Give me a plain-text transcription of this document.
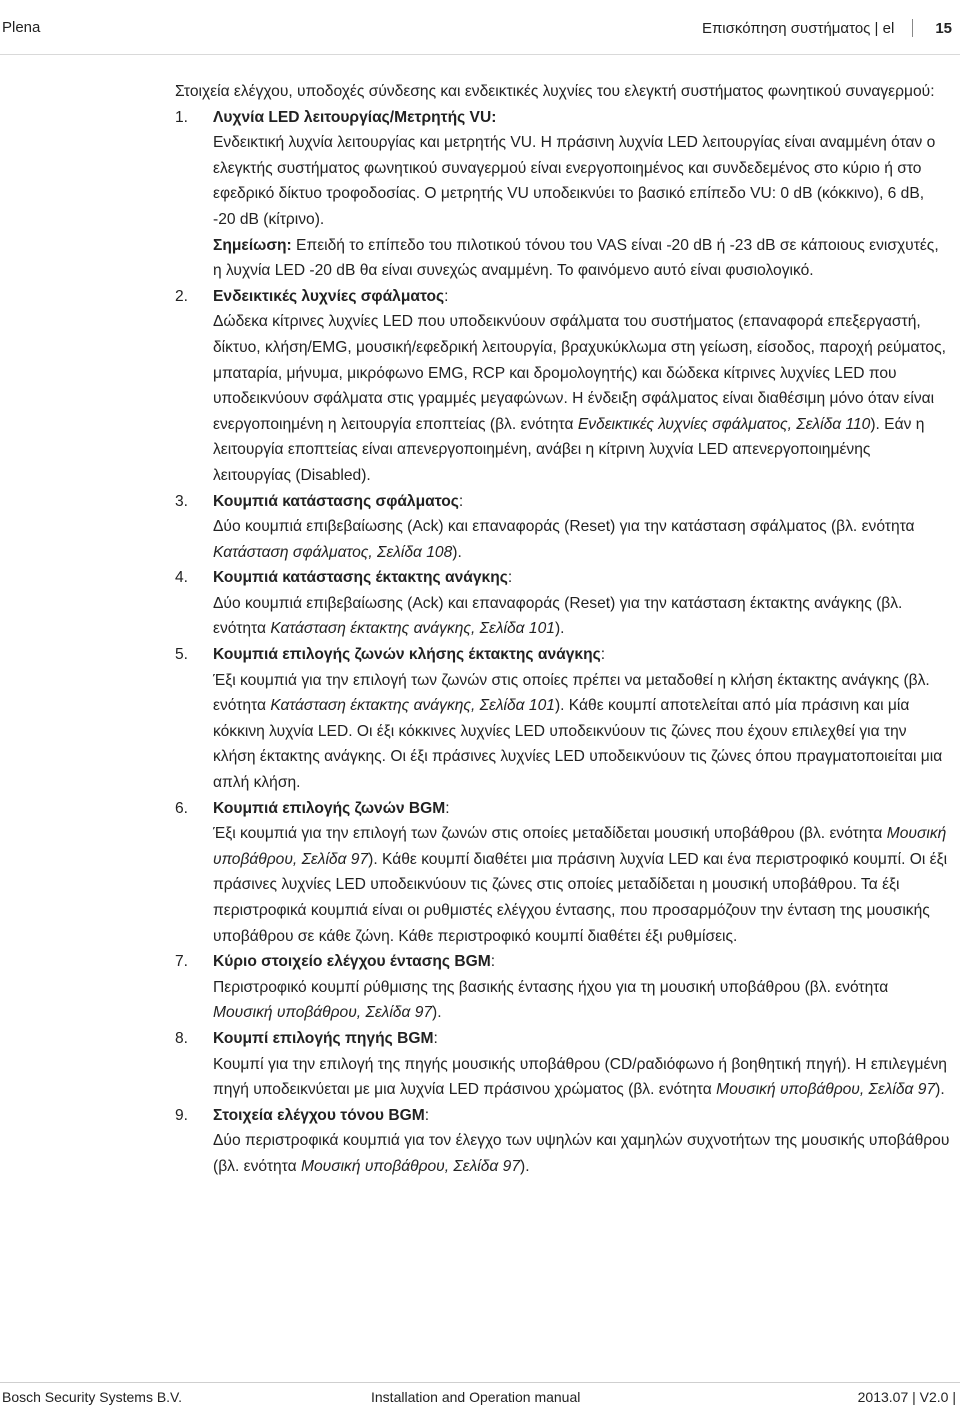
Plena	Επισκόπηση συστήματος | el	15

Στοιχεία ελέγχου, υποδοχές σύνδεσης και ενδεικτικές λυχνίες του ελεγκτή συστήματος φωνητικού συναγερμού:

1. Λυχνία LED λειτουργίας/Μετρητής VU:

Ενδεικτική λυχνία λειτουργίας και μετρητής VU. Η πράσινη λυχνία LED λειτουργίας είναι αναμμένη όταν ο ελεγκτής συστήματος φωνητικού συναγερμού είναι ενεργοποιημένος και συνδεδεμένος στο κύριο ή στο εφεδρικό δίκτυο τροφοδοσίας. Ο μετρητής VU υποδεικνύει το βασικό επίπεδο VU: 0 dB (κόκκινο), 6 dB, -20 dB (κίτρινο).

Σημείωση: Επειδή το επίπεδο του πιλοτικού τόνου του VAS είναι -20 dB ή -23 dB σε κάποιους ενισχυτές, η λυχνία LED -20 dB θα είναι συνεχώς αναμμένη. Το φαινόμενο αυτό είναι φυσιολογικό.

2. Ενδεικτικές λυχνίες σφάλματος:

Δώδεκα κίτρινες λυχνίες LED που υποδεικνύουν σφάλματα του συστήματος (επαναφορά επεξεργαστή, δίκτυο, κλήση/EMG, μουσική/εφεδρική λειτουργία, βραχυκύκλωμα στη γείωση, είσοδος, παροχή ρεύματος, μπαταρία, μήνυμα, μικρόφωνο EMG, RCP και δρομολογητής) και δώδεκα κίτρινες λυχνίες LED που υποδεικνύουν σφάλματα στις γραμμές μεγαφώνων. Η ένδειξη σφάλματος είναι διαθέσιμη μόνο όταν είναι ενεργοποιημένη η λειτουργία εποπτείας (βλ. ενότητα Ενδεικτικές λυχνίες σφάλματος, Σελίδα 110). Εάν η λειτουργία εποπτείας είναι απενεργοποιημένη, ανάβει η κίτρινη λυχνία LED απενεργοποιημένης λειτουργίας (Disabled).

3. Κουμπιά κατάστασης σφάλματος:

Δύο κουμπιά επιβεβαίωσης (Ack) και επαναφοράς (Reset) για την κατάσταση σφάλματος (βλ. ενότητα Κατάσταση σφάλματος, Σελίδα 108).

4. Κουμπιά κατάστασης έκτακτης ανάγκης:

Δύο κουμπιά επιβεβαίωσης (Ack) και επαναφοράς (Reset) για την κατάσταση έκτακτης ανάγκης (βλ. ενότητα Κατάσταση έκτακτης ανάγκης, Σελίδα 101).

5. Κουμπιά επιλογής ζωνών κλήσης έκτακτης ανάγκης:

Έξι κουμπιά για την επιλογή των ζωνών στις οποίες πρέπει να μεταδοθεί η κλήση έκτακτης ανάγκης (βλ. ενότητα Κατάσταση έκτακτης ανάγκης, Σελίδα 101). Κάθε κουμπί αποτελείται από μία πράσινη και μία κόκκινη λυχνία LED. Οι έξι κόκκινες λυχνίες LED υποδεικνύουν τις ζώνες που έχουν επιλεχθεί για την κλήση έκτακτης ανάγκης. Οι έξι πράσινες λυχνίες LED υποδεικνύουν τις ζώνες όπου πραγματοποιείται μια απλή κλήση.

6. Κουμπιά επιλογής ζωνών BGM:

Έξι κουμπιά για την επιλογή των ζωνών στις οποίες μεταδίδεται μουσική υποβάθρου (βλ. ενότητα Μουσική υποβάθρου, Σελίδα 97). Κάθε κουμπί διαθέτει μια πράσινη λυχνία LED και ένα περιστροφικό κουμπί. Οι έξι πράσινες λυχνίες LED υποδεικνύουν τις ζώνες στις οποίες μεταδίδεται η μουσική υποβάθρου. Τα έξι περιστροφικά κουμπιά είναι οι ρυθμιστές ελέγχου έντασης, που προσαρμόζουν την ένταση της μουσικής υποβάθρου σε κάθε ζώνη. Κάθε περιστροφικό κουμπί διαθέτει έξι ρυθμίσεις.

7. Κύριο στοιχείο ελέγχου έντασης BGM:

Περιστροφικό κουμπί ρύθμισης της βασικής έντασης ήχου για τη μουσική υποβάθρου (βλ. ενότητα Μουσική υποβάθρου, Σελίδα 97).

8. Κουμπί επιλογής πηγής BGM:

Κουμπί για την επιλογή της πηγής μουσικής υποβάθρου (CD/ραδιόφωνο ή βοηθητική πηγή). Η επιλεγμένη πηγή υποδεικνύεται με μια λυχνία LED πράσινου χρώματος (βλ. ενότητα Μουσική υποβάθρου, Σελίδα 97).

9. Στοιχεία ελέγχου τόνου BGM:

Δύο περιστροφικά κουμπιά για τον έλεγχο των υψηλών και χαμηλών συχνοτήτων της μουσικής υποβάθρου (βλ. ενότητα Μουσική υποβάθρου, Σελίδα 97).

Bosch Security Systems B.V.	Installation and Operation manual	2013.07 | V2.0 |
